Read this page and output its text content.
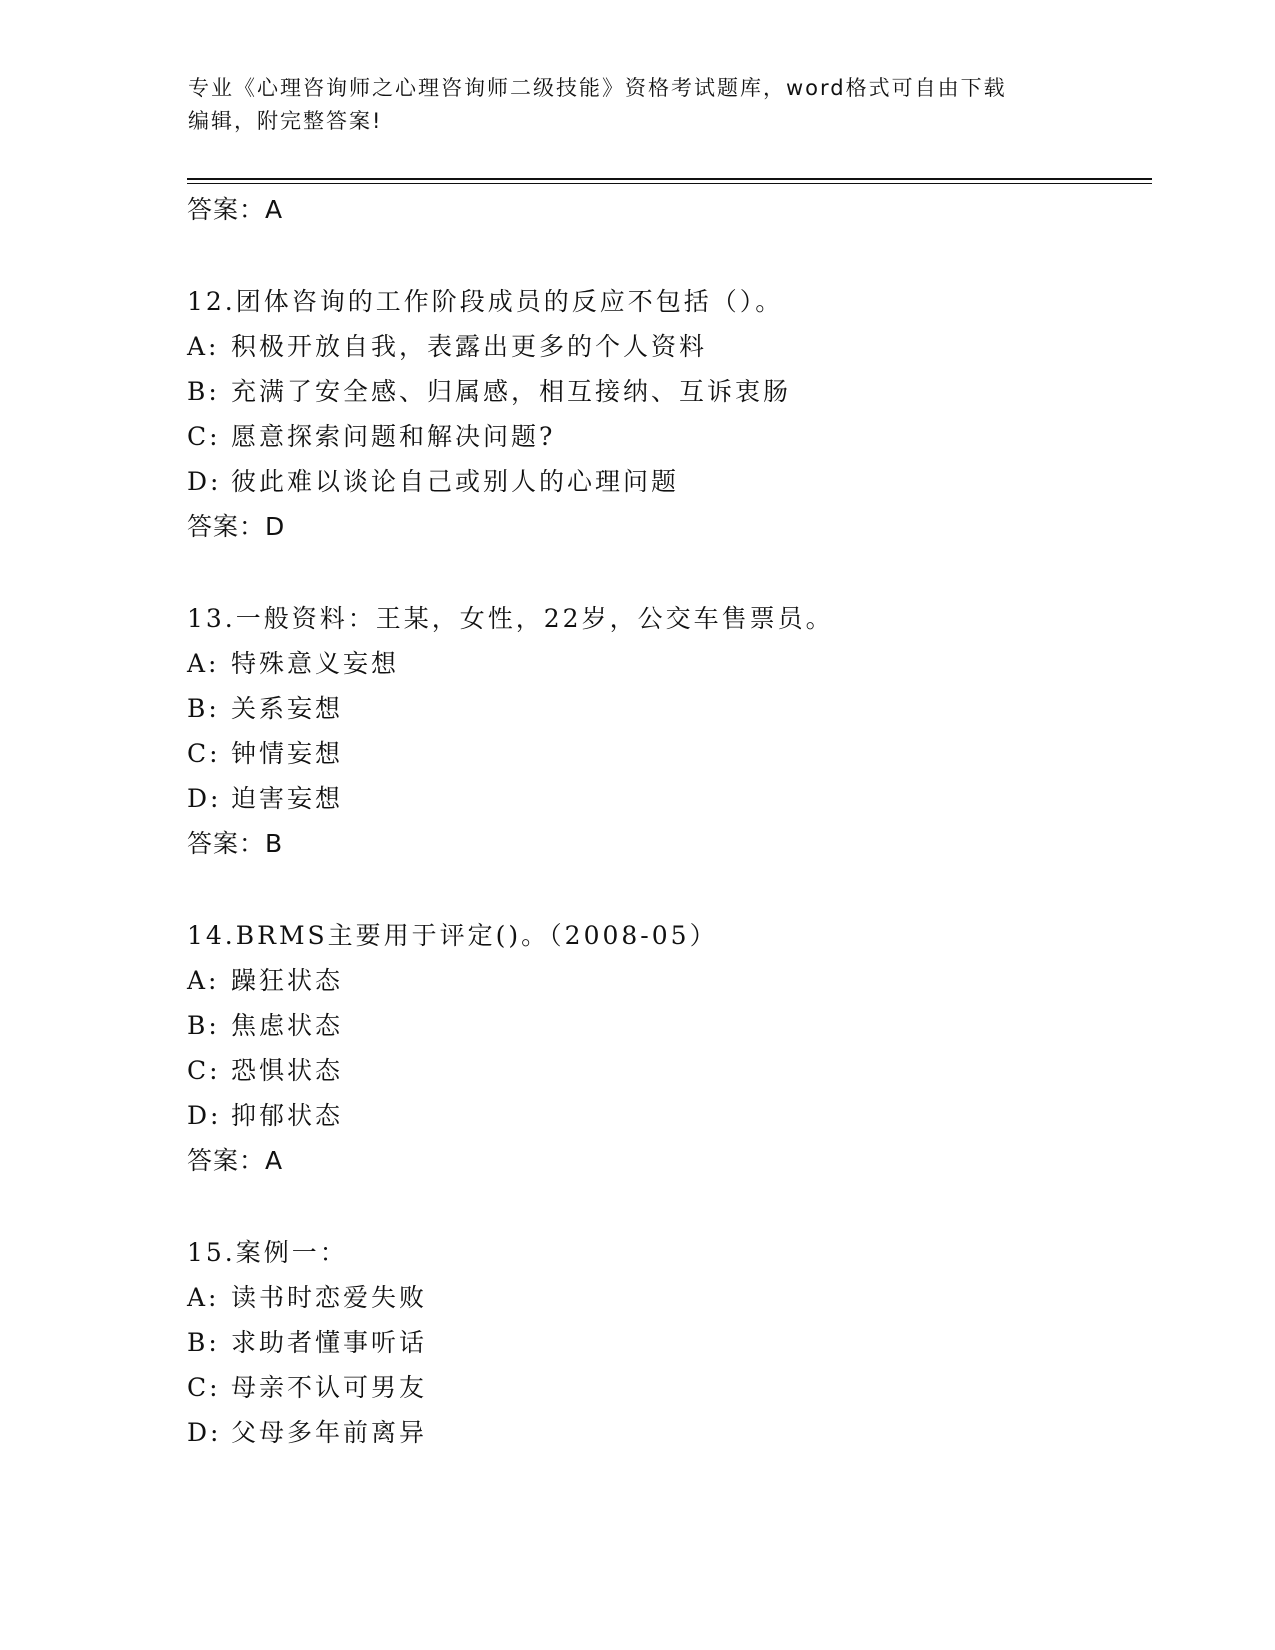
专业《心理咨询师之心理咨询师二级技能》资格考试题库，word格式可自由下载
编辑，附完整答案!
答案：A
12.团体咨询的工作阶段成员的反应不包括（）。
A: 积极开放自我，表露出更多的个人资料
B: 充满了安全感、归属感，相互接纳、互诉衷肠
C: 愿意探索问题和解决问题?
D: 彼此难以谈论自己或别人的心理问题
答案：D
13.一般资料：王某，女性，22岁，公交车售票员。
A: 特殊意义妄想
B: 关系妄想
C: 钟情妄想
D: 迫害妄想
答案：B
14.BRMS主要用于评定()。（2008-05）
A: 躁狂状态
B: 焦虑状态
C: 恐惧状态
D: 抑郁状态
答案：A
15.案例一：
A: 读书时恋爱失败
B: 求助者懂事听话
C: 母亲不认可男友
D: 父母多年前离异
